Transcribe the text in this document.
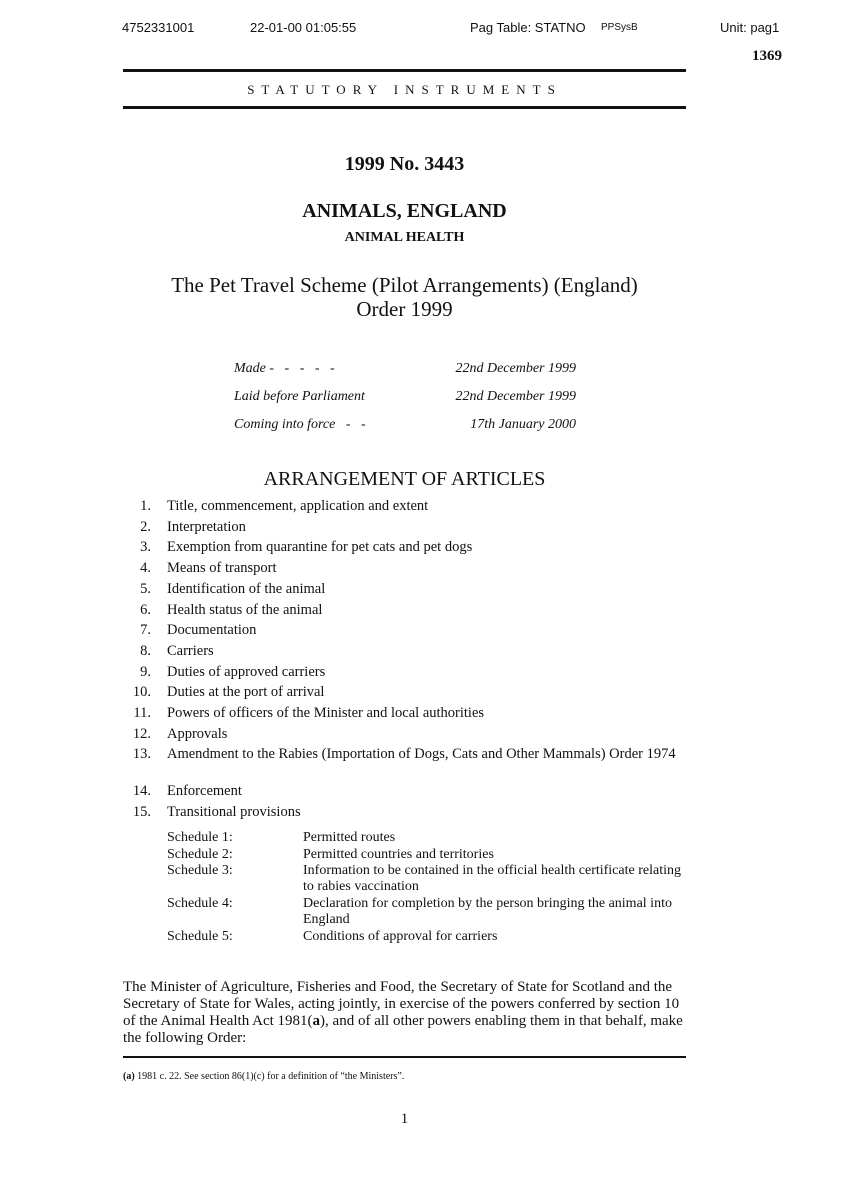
4752331001	22-01-00 01:05:55	Pag Table: STATNO PPSysB	Unit: pag1
1369
STATUTORY INSTRUMENTS
1999 No. 3443
ANIMALS, ENGLAND
ANIMAL HEALTH
The Pet Travel Scheme (Pilot Arrangements) (England)
Order 1999
Made -   -   -   -   -	22nd December 1999
Laid before Parliament	22nd December 1999
Coming into force   -   -	17th January 2000
ARRANGEMENT OF ARTICLES
1. Title, commencement, application and extent
2. Interpretation
3. Exemption from quarantine for pet cats and pet dogs
4. Means of transport
5. Identification of the animal
6. Health status of the animal
7. Documentation
8. Carriers
9. Duties of approved carriers
10. Duties at the port of arrival
11. Powers of officers of the Minister and local authorities
12. Approvals
13. Amendment to the Rabies (Importation of Dogs, Cats and Other Mammals) Order 1974
14. Enforcement
15. Transitional provisions
Schedule 1:	Permitted routes
Schedule 2:	Permitted countries and territories
Schedule 3:	Information to be contained in the official health certificate relating to rabies vaccination
Schedule 4:	Declaration for completion by the person bringing the animal into England
Schedule 5:	Conditions of approval for carriers
The Minister of Agriculture, Fisheries and Food, the Secretary of State for Scotland and the Secretary of State for Wales, acting jointly, in exercise of the powers conferred by section 10 of the Animal Health Act 1981(a), and of all other powers enabling them in that behalf, make the following Order:
(a) 1981 c. 22. See section 86(1)(c) for a definition of “the Ministers”.
1
